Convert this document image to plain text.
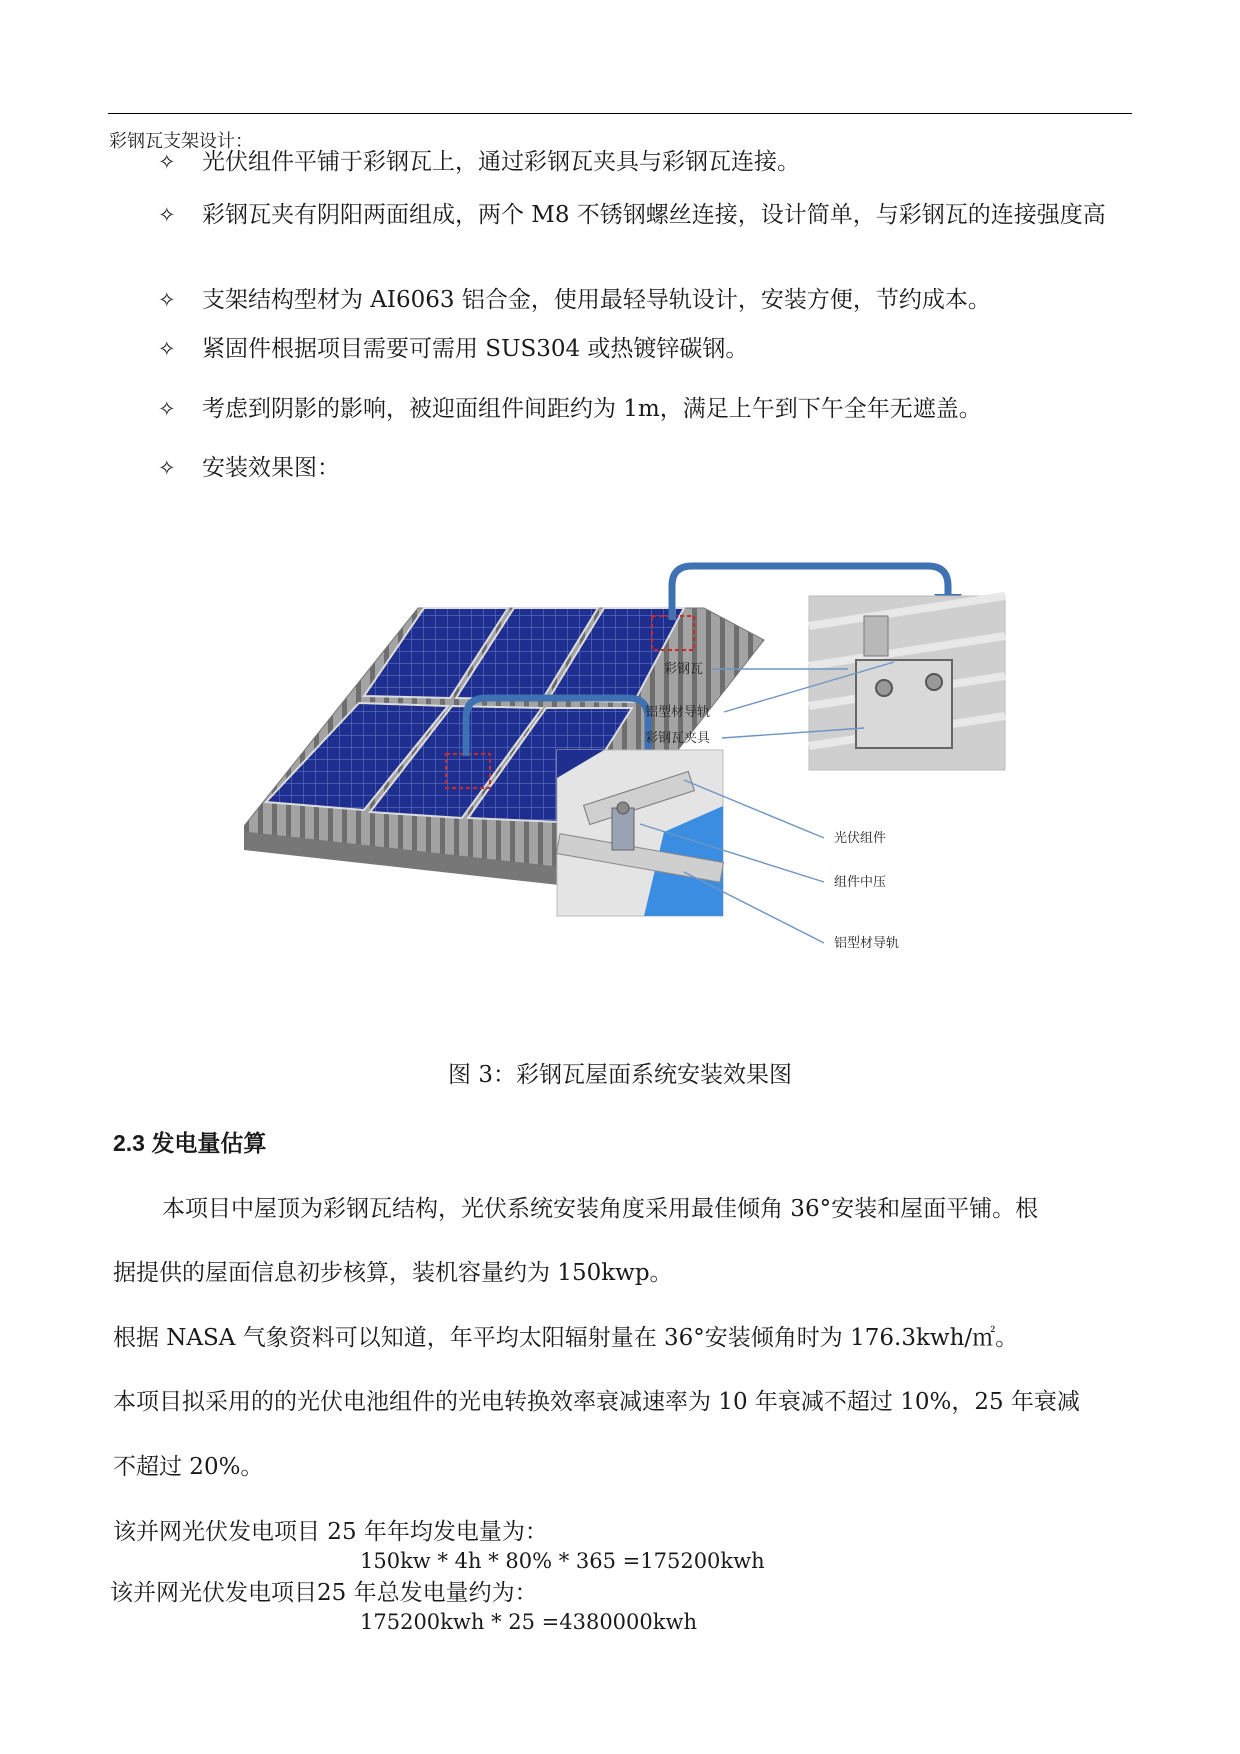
彩钢瓦支架设计：
✧	光伏组件平铺于彩钢瓦上，通过彩钢瓦夹具与彩钢瓦连接。
✧	彩钢瓦夹有阴阳两面组成，两个 M8 不锈钢螺丝连接，设计简单，与彩钢瓦的连接强度高
✧	支架结构型材为 AI6063 铝合金，使用最轻导轨设计，安装方便，节约成本。
✧	紧固件根据项目需要可需用 SUS304 或热镀锌碳钢。
✧	考虑到阴影的影响，被迎面组件间距约为 1m，满足上午到下午全年无遮盖。
✧	安装效果图：
彩钢瓦
铝型材导轨
彩钢瓦夹具
光伏组件
组件中压
铝型材导轨
图 3：彩钢瓦屋面系统安装效果图
2.3 发电量估算
本项目中屋顶为彩钢瓦结构，光伏系统安装角度采用最佳倾角 36°安装和屋面平铺。根
据提供的屋面信息初步核算，装机容量约为 150kwp。
根据 NASA 气象资料可以知道，年平均太阳辐射量在 36°安装倾角时为 176.3kwh/㎡。
本项目拟采用的的光伏电池组件的光电转换效率衰减速率为 10 年衰减不超过 10%，25 年衰减
不超过 20%。
该并网光伏发电项目 25 年年均发电量为：
150kw * 4h * 80% * 365 =175200kwh
该并网光伏发电项目25 年总发电量约为：
175200kwh * 25 =4380000kwh
